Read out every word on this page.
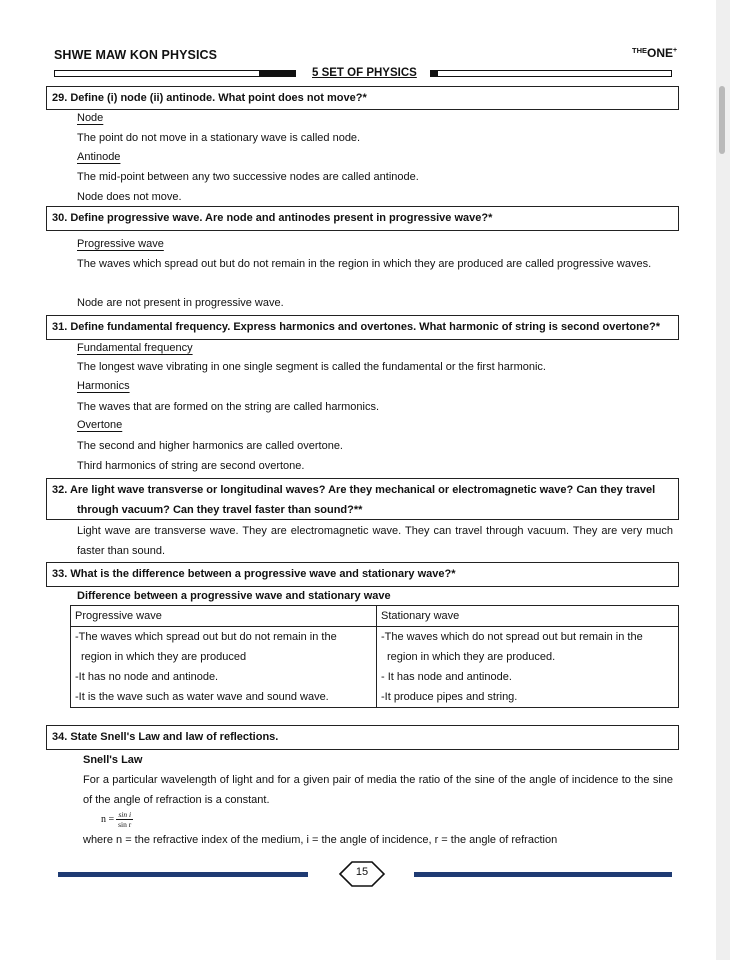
SHWE MAW KON PHYSICS	$^{THE}$ONE+
5 SET OF PHYSICS
29. Define (i) node (ii) antinode. What point does not move?*
Node
The point do not move in a stationary wave is called node.
Antinode
The mid-point between any two successive nodes are called antinode.
Node does not move.
30. Define progressive wave. Are node and antinodes present in progressive wave?*
Progressive wave
The waves which spread out but do not remain in the region in which they are produced are called progressive waves.
Node are not present in progressive wave.
31. Define fundamental frequency. Express harmonics and overtones. What harmonic of string is second overtone?*
Fundamental frequency
The longest wave vibrating in one single segment is called the fundamental or the first harmonic.
Harmonics
The waves that are formed on the string are called harmonics.
Overtone
The second and higher harmonics are called overtone.
Third harmonics of string are second overtone.
32. Are light wave transverse or longitudinal waves? Are they mechanical or electromagnetic wave? Can they travel
through vacuum? Can they travel faster than sound?**
Light wave are transverse wave. They are electromagnetic wave. They can travel through vacuum. They are very much faster than sound.
33. What is the difference between a progressive wave and stationary wave?*
Difference between a progressive wave and stationary wave
Progressive wave	Stationary wave

-The waves which spread out but do not remain in the
region in which they are produced
-It has no node and antinode.
-It is the wave such as water wave and sound wave.	-The waves which do not spread out but remain in the
region in which they are produced.
- It has node and antinode.
-It produce pipes and string.
34. State Snell's Law and law of reflections.
Snell's Law
For a particular wavelength of light and for a given pair of media the ratio of the sine of the angle of incidence to the sine of the angle of refraction is a constant.
$n = \frac{\text{sin i}}{\text{sin r}}$
where n = the refractive index of the medium, i = the angle of incidence, r = the angle of refraction
15
